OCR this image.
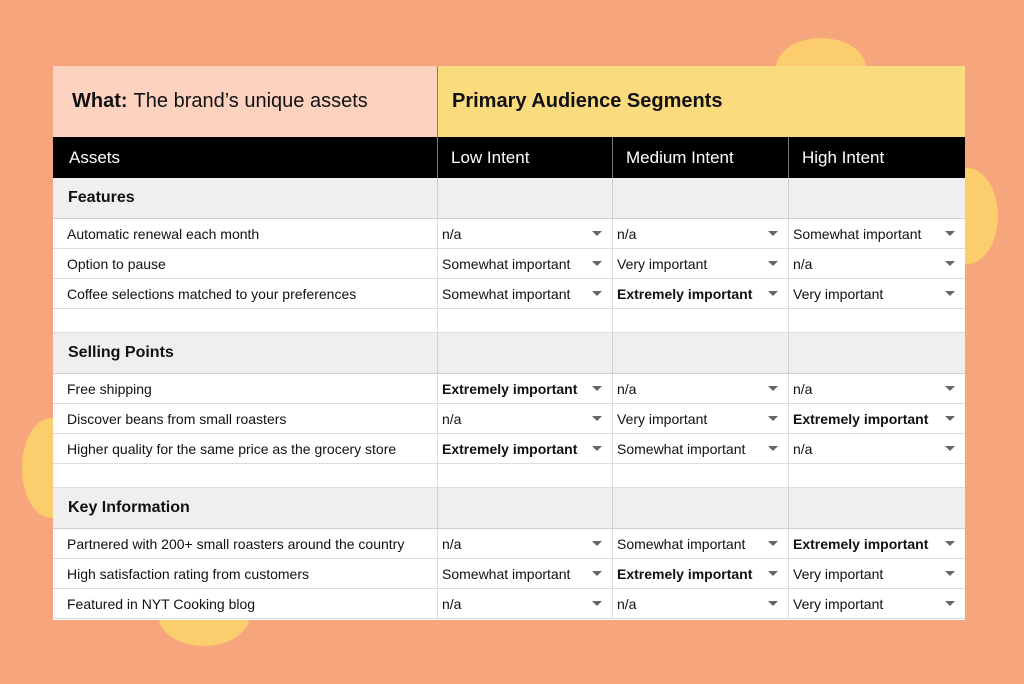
What: The brand’s unique assets	Primary Audience Segments
Assets	Low Intent	Medium Intent	High Intent
Features
Automatic renewal each month	n/a	n/a	Somewhat important
Option to pause	Somewhat important	Very important	n/a
Coffee selections matched to your preferences	Somewhat important	Extremely important	Very important
Selling Points
Free shipping	Extremely important	n/a	n/a
Discover beans from small roasters	n/a	Very important	Extremely important
Higher quality for the same price as the grocery store	Extremely important	Somewhat important	n/a
Key Information
Partnered with 200+ small roasters around the country	n/a	Somewhat important	Extremely important
High satisfaction rating from customers	Somewhat important	Extremely important	Very important
Featured in NYT Cooking blog	n/a	n/a	Very important
